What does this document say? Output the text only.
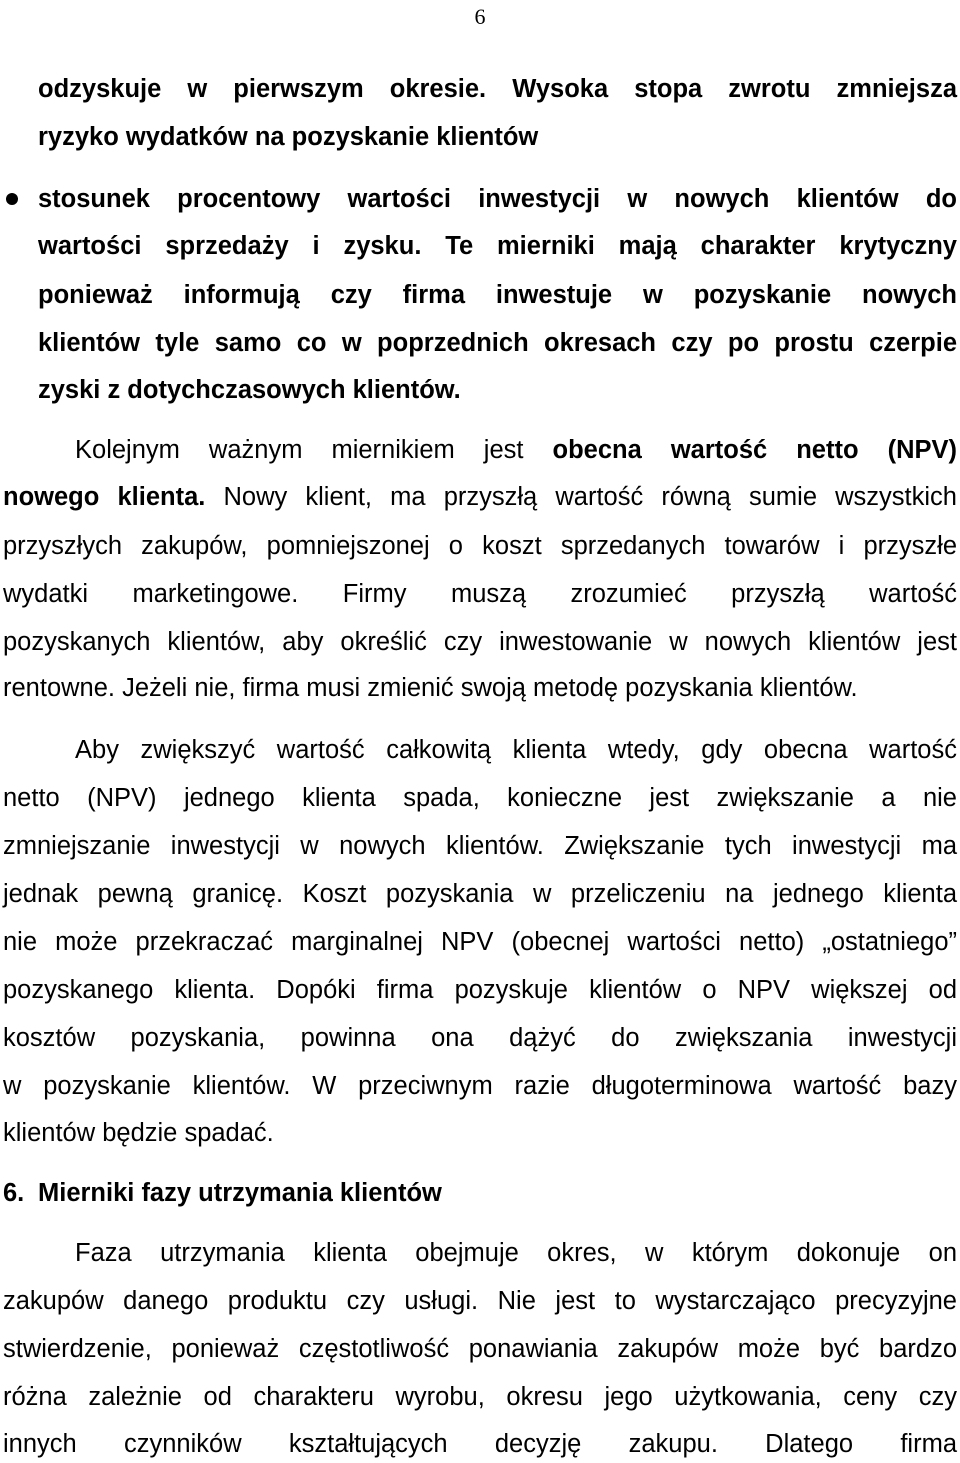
6
odzyskuje w pierwszym okresie. Wysoka stopa zwrotu zmniejsza
ryzyko wydatków na pozyskanie klientów
stosunek procentowy wartości inwestycji w nowych klientów do
wartości sprzedaży i zysku. Te mierniki mają charakter krytyczny
ponieważ informują czy firma inwestuje w pozyskanie nowych
klientów tyle samo co w poprzednich okresach czy po prostu czerpie
zyski z dotychczasowych klientów.
Kolejnym ważnym miernikiem jest obecna wartość netto (NPV)
nowego klienta. Nowy klient, ma przyszłą wartość równą sumie wszystkich
przyszłych zakupów, pomniejszonej o koszt sprzedanych towarów i przyszłe
wydatki marketingowe. Firmy muszą zrozumieć przyszłą wartość
pozyskanych klientów, aby określić czy inwestowanie w nowych klientów jest
rentowne. Jeżeli nie, firma musi zmienić swoją metodę pozyskania klientów.
Aby zwiększyć wartość całkowitą klienta wtedy, gdy obecna wartość
netto (NPV) jednego klienta spada, konieczne jest zwiększanie a nie
zmniejszanie inwestycji w nowych klientów. Zwiększanie tych inwestycji ma
jednak pewną granicę. Koszt pozyskania w przeliczeniu na jednego klienta
nie może przekraczać marginalnej NPV (obecnej wartości netto) „ostatniego”
pozyskanego klienta. Dopóki firma pozyskuje klientów o NPV większej od
kosztów pozyskania, powinna ona dążyć do zwiększania inwestycji
w pozyskanie klientów. W przeciwnym razie długoterminowa wartość bazy
klientów będzie spadać.
6. Mierniki fazy utrzymania klientów
Faza utrzymania klienta obejmuje okres, w którym dokonuje on
zakupów danego produktu czy usługi. Nie jest to wystarczająco precyzyjne
stwierdzenie, ponieważ częstotliwość ponawiania zakupów może być bardzo
różna zależnie od charakteru wyrobu, okresu jego użytkowania, ceny czy
innych czynników kształtujących decyzję zakupu. Dlatego firma
